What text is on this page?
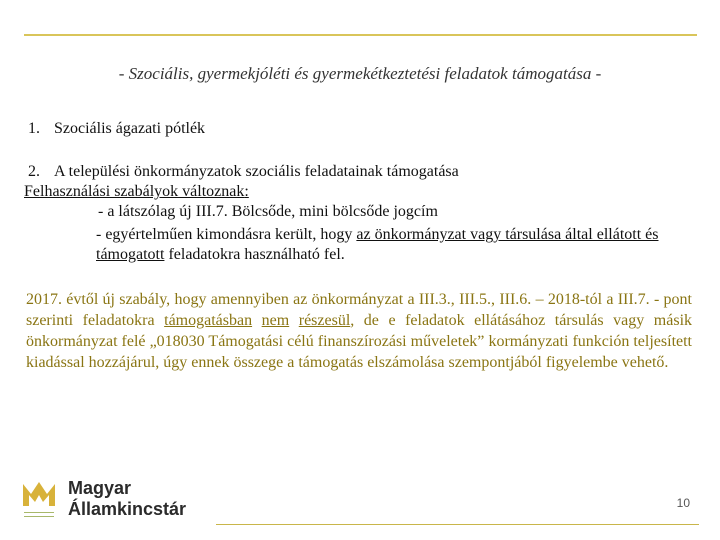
- Szociális, gyermekjóléti és gyermekétkeztetési feladatok támogatása -
1. Szociális ágazati pótlék
2. A települési önkormányzatok szociális feladatainak támogatása
Felhasználási szabályok változnak:
- a látszólag új III.7. Bölcsőde, mini bölcsőde jogcím
- egyértelműen kimondásra került, hogy az önkormányzat vagy társulása által ellátott és támogatott feladatokra használható fel.
2017. évtől új szabály, hogy amennyiben az önkormányzat a III.3., III.5., III.6. – 2018-tól a III.7. - pont szerinti feladatokra támogatásban nem részesül, de e feladatok ellátásához társulás vagy másik önkormányzat felé „018030 Támogatási célú finanszírozási műveletek” kormányzati funkción teljesített kiadással hozzájárul, úgy ennek összege a támogatás elszámolása szempontjából figyelembe vehető.
Magyar
Államkincstár	10
